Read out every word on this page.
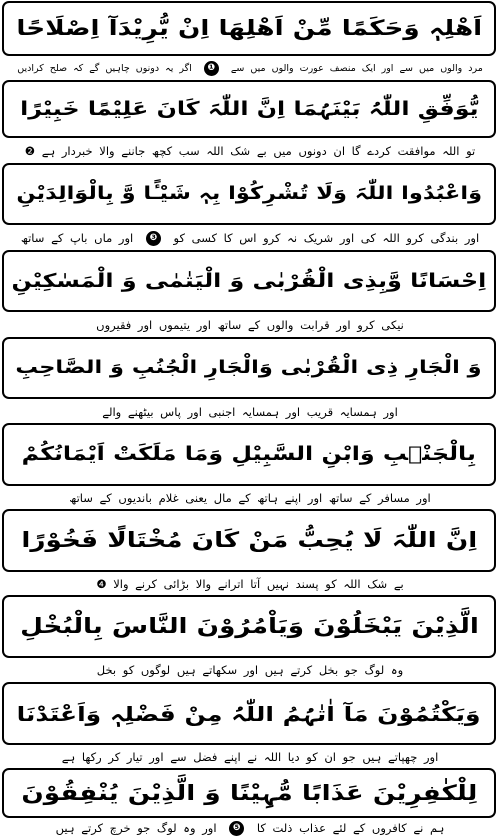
اَھْلِہٖ وَحَکَمًا مِّنْ اَھْلِھَا اِنْ یُّرِیْدَآ اِصْلَاحًا
مرد والوں میں سے اور ایک منصف عورت والوں میں سے ❶ اگر یہ دونوں چاہیں گے کہ صلح کرادیں
یُّوَفِّقِ اللّٰہُ بَیْنَہُمَا اِنَّ اللّٰہَ کَانَ عَلِیْمًا خَبِیْرًا
تو اللہ موافقت کردے گا ان دونوں میں بے شک اللہ سب کچھ جاننے والا خبردار ہے ❷
وَاعْبُدُوا اللّٰہَ وَلَا تُشْرِکُوْا بِہٖ شَیْـًٔا وَّ بِالْوَالِدَیْنِ
اور بندگی کرو اللہ کی اور شریک نہ کرو اس کا کسی کو ❸ اور ماں باپ کے ساتھ
اِحْسَانًا وَّبِذِی الْقُرْبٰی وَ الْیَتٰمٰی وَ الْمَسٰکِیْنِ
نیکی کرو اور قرابت والوں کے ساتھ اور یتیموں اور فقیروں
وَ الْجَارِ ذِی الْقُرْبٰی وَالْجَارِ الْجُنُبِ وَ الصَّاحِبِ
اور ہمسایہ قریب اور ہمسایہ اجنبی اور پاس بیٹھنے والے
بِالْجَنْۢبِ وَابْنِ السَّبِیْلِ وَمَا مَلَکَتْ اَیْمَانُکُمْ
اور مسافر کے ساتھ اور اپنے ہاتھ کے مال یعنی غلام باندیوں کے ساتھ
اِنَّ اللّٰہَ لَا یُحِبُّ مَنْ کَانَ مُخْتَالًا فَخُوْرًا
بے شک اللہ کو پسند نہیں آتا اترانے والا بڑائی کرنے والا ❹
الَّذِیْنَ یَبْخَلُوْنَ وَیَاْمُرُوْنَ النَّاسَ بِالْبُخْلِ
وہ لوگ جو بخل کرتے ہیں اور سکھاتے ہیں لوگوں کو بخل
وَیَکْتُمُوْنَ مَآ اٰتٰہُمُ اللّٰہُ مِنْ فَضْلِہٖ وَاَعْتَدْنَا
اور چھپاتے ہیں جو ان کو دیا اللہ نے اپنے فضل سے اور تیار کر رکھا ہے
لِلْکٰفِرِیْنَ عَذَابًا مُّہِیْنًا وَ الَّذِیْنَ یُنْفِقُوْنَ
ہم نے کافروں کے لئے عذاب ذلت کا ❺ اور وہ لوگ جو خرچ کرتے ہیں
